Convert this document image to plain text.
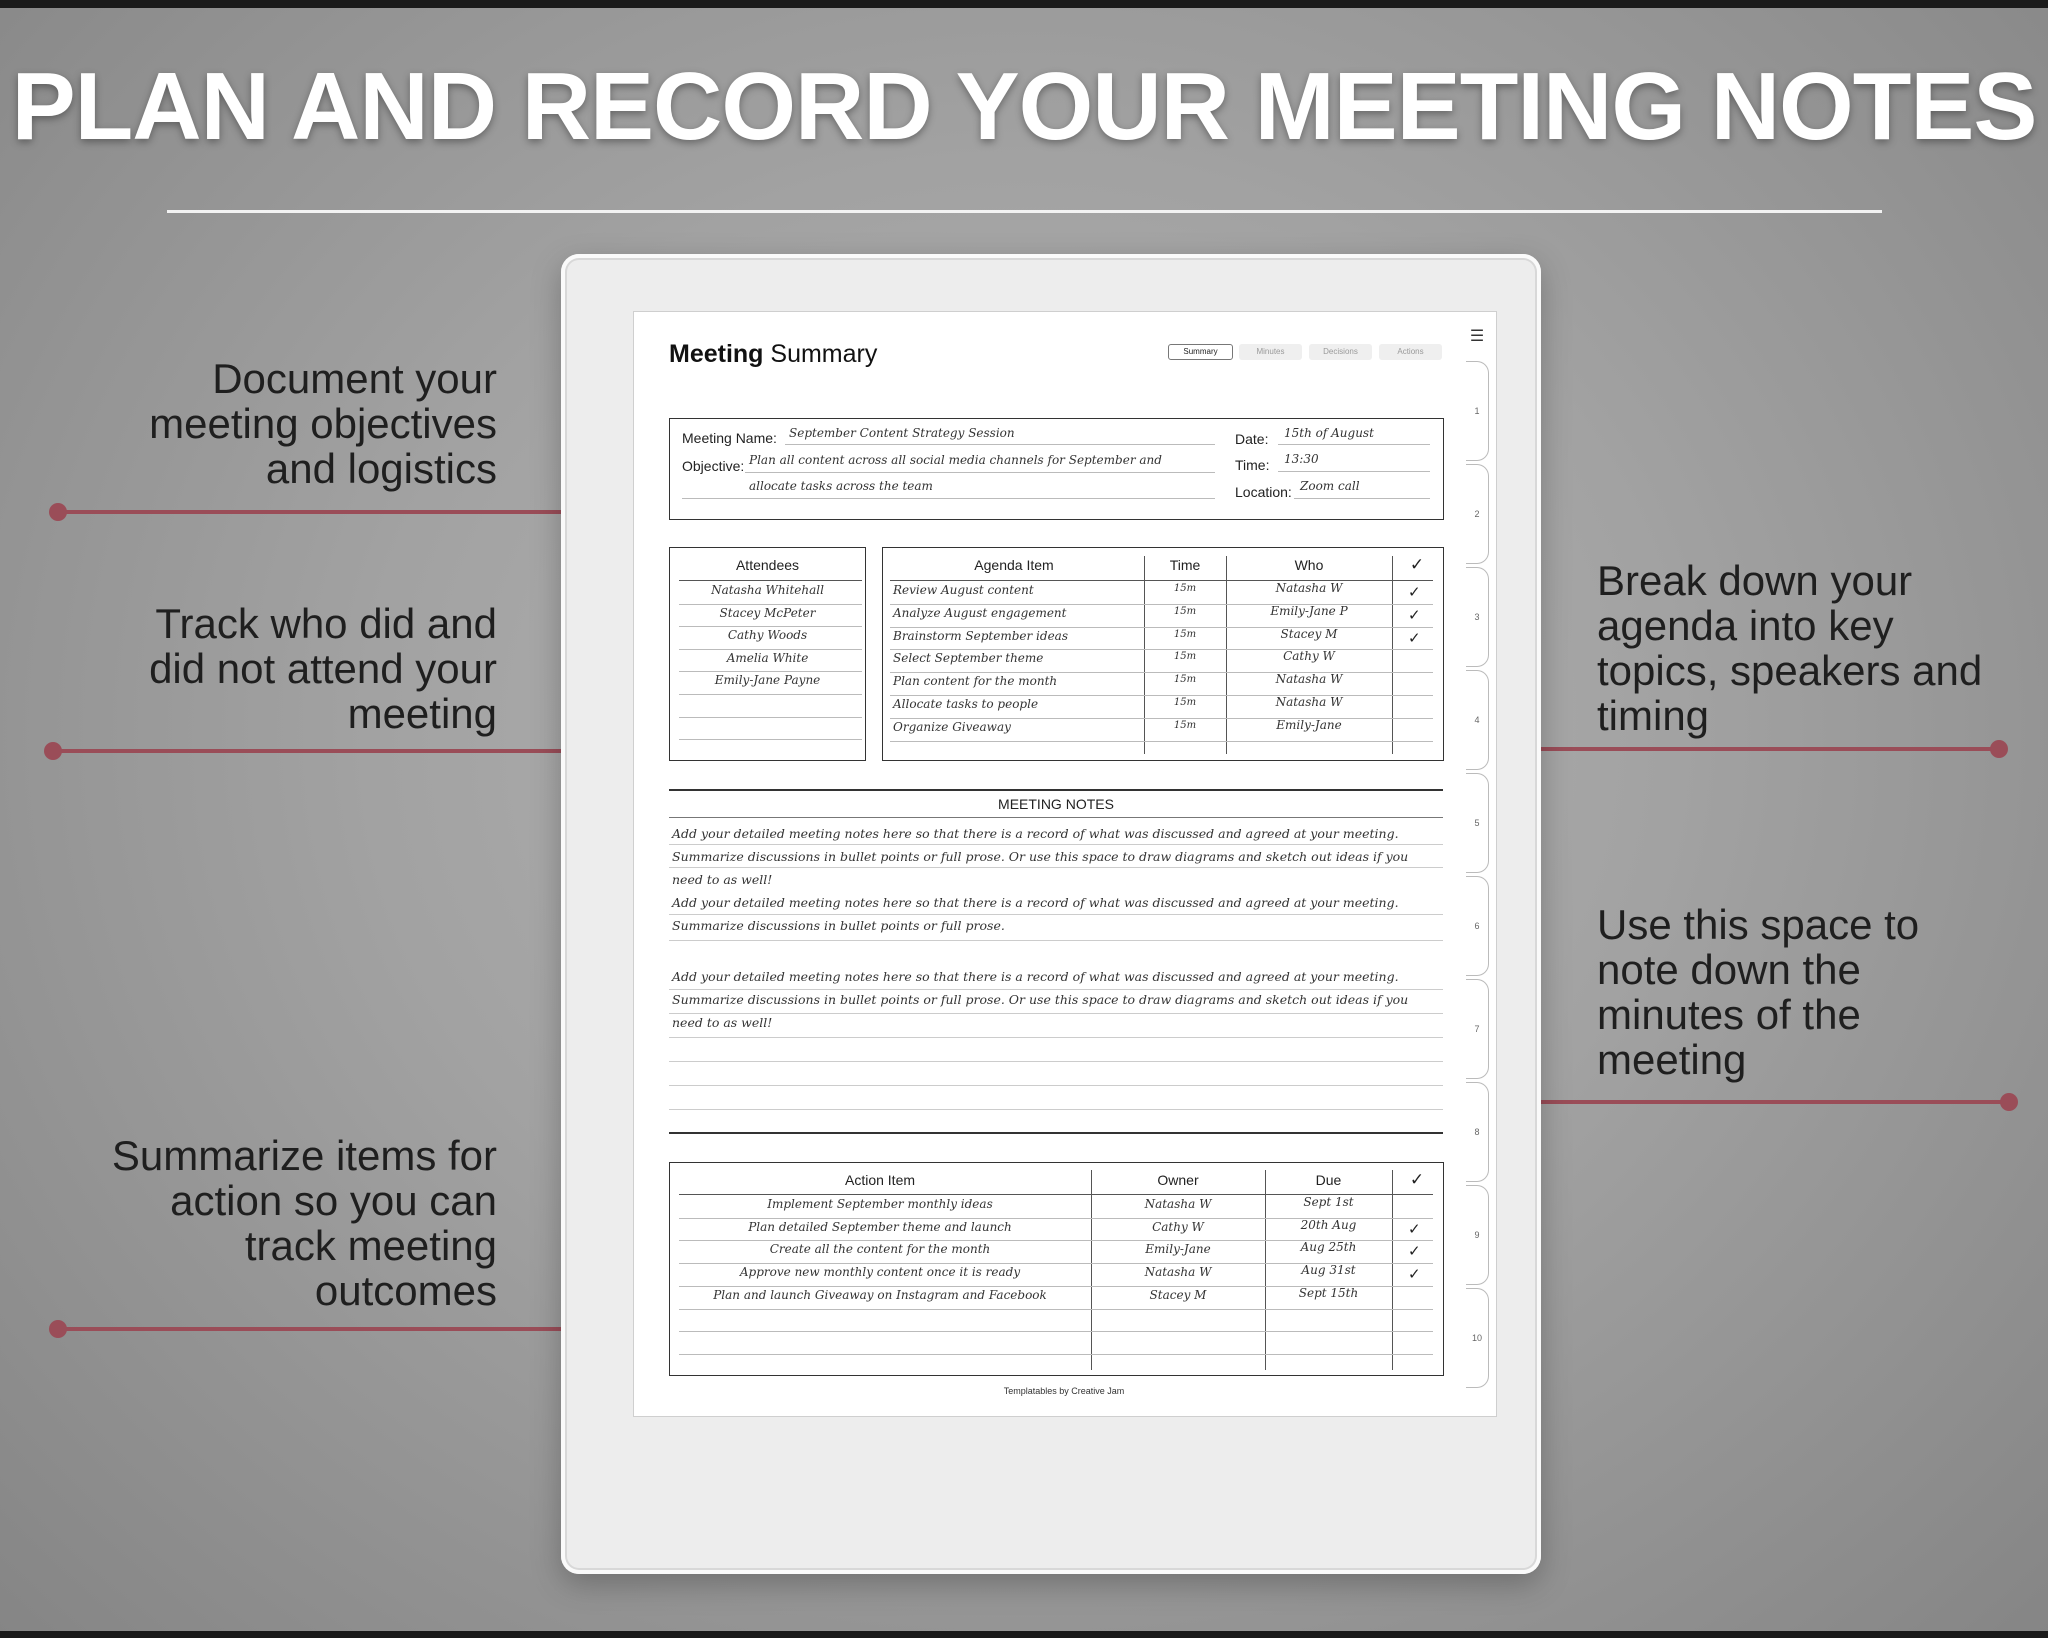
PLAN AND RECORD YOUR MEETING NOTES
Document your
meeting objectives
and logistics
Track who did and
did not attend your
meeting
Summarize items for
action so you can
track meeting
outcomes
Break down your
agenda into key
topics, speakers and
timing
Use this space to
note down the
minutes of the
meeting
☰
1
2
3
4
5
6
7
8
9
10
Meeting Summary	Summary	Minutes	Decisions	Actions
Meeting Name: September Content Strategy Session
Objective: Plan all content across all social media channels for September and
allocate tasks across the team
Date: 15th of August
Time: 13:30
Location: Zoom call
Attendees
Natasha Whitehall
Stacey McPeter
Cathy Woods
Amelia White
Emily-Jane Payne
Agenda Item	Time	Who	✓
Review August content	15m	Natasha W	✓
Analyze August engagement	15m	Emily-Jane P	✓
Brainstorm September ideas	15m	Stacey M	✓
Select September theme	15m	Cathy W
Plan content for the month	15m	Natasha W
Allocate tasks to people	15m	Natasha W
Organize Giveaway	15m	Emily-Jane
MEETING NOTES
Add your detailed meeting notes here so that there is a record of what was discussed and agreed at your meeting. Summarize discussions in bullet points or full prose. Or use this space to draw diagrams and sketch out ideas if you need to as well!
Add your detailed meeting notes here so that there is a record of what was discussed and agreed at your meeting. Summarize discussions in bullet points or full prose.
Add your detailed meeting notes here so that there is a record of what was discussed and agreed at your meeting. Summarize discussions in bullet points or full prose. Or use this space to draw diagrams and sketch out ideas if you need to as well!
Action Item	Owner	Due	✓
Implement September monthly ideas	Natasha W	Sept 1st
Plan detailed September theme and launch	Cathy W	20th Aug	✓
Create all the content for the month	Emily-Jane	Aug 25th	✓
Approve new monthly content once it is ready	Natasha W	Aug 31st	✓
Plan and launch Giveaway on Instagram and Facebook	Stacey M	Sept 15th
Templatables by Creative Jam
